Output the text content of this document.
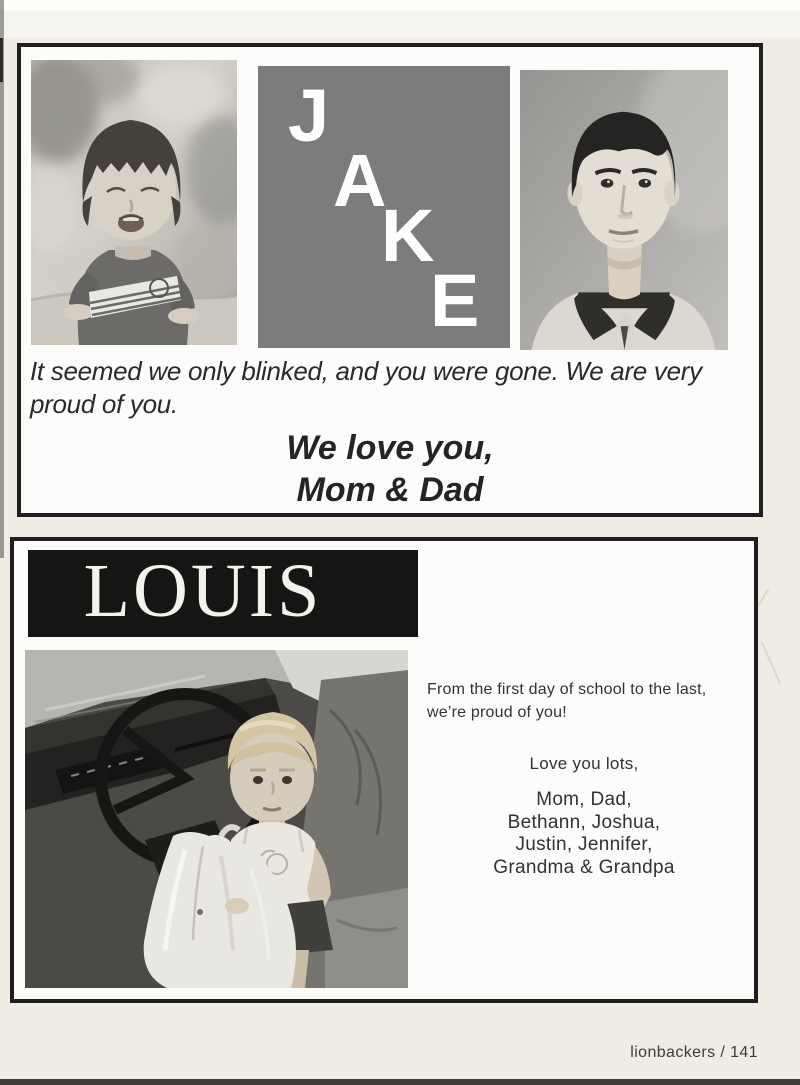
J
A
K
E

It seemed we only blinked, and you were gone. We are very
proud of you.

We love you,
Mom & Dad

LOUIS

From the first day of school to the last,
we’re proud of you!

Love you lots,

Mom, Dad,
Bethann, Joshua,
Justin, Jennifer,
Grandma & Grandpa

lionbackers / 141
